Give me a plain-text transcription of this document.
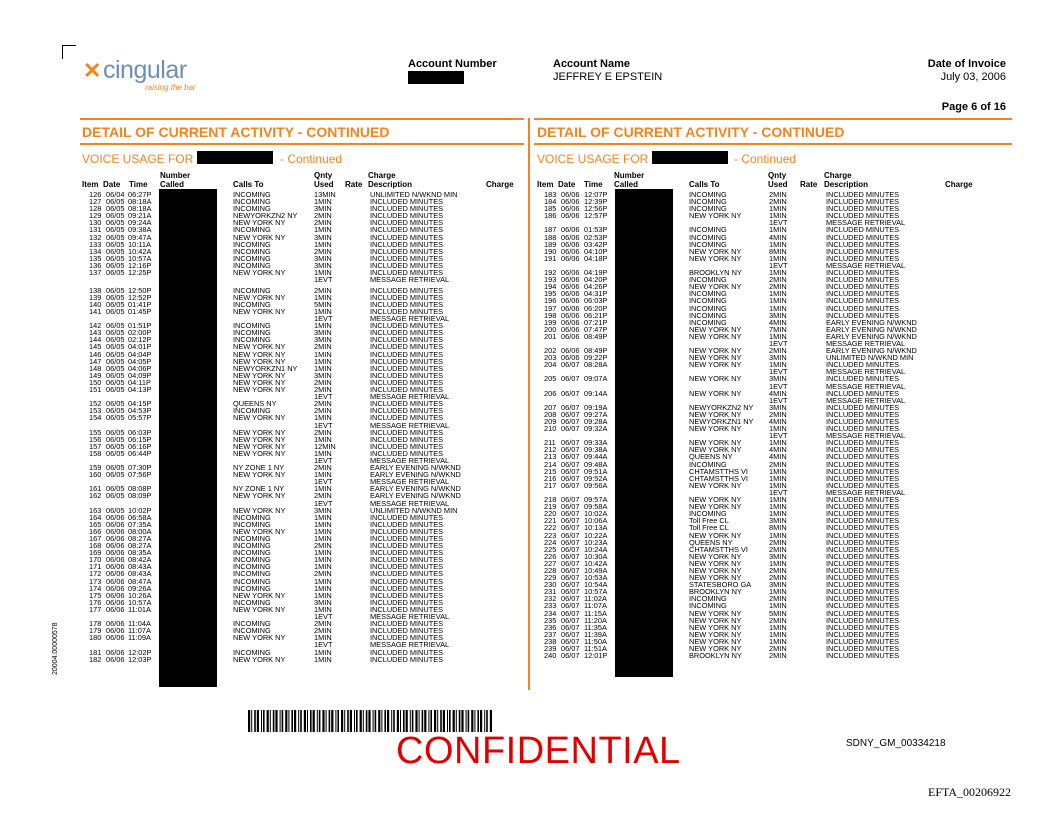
✕ cingular
raising the bar
Account Number	Account Name
JEFFREY E EPSTEIN
Date of Invoice
July 03, 2006
Page 6 of 16
DETAIL OF CURRENT ACTIVITY - CONTINUED
VOICE USAGE FOR	- Continued
Number
Item Date Time Called	Calls To
Qnty
Used Rate
Charge
Description	Charge
126 06/04 06:27P	INCOMING	13MIN	UNLIMITED N/WKND MIN
127 06/05 08:18A	INCOMING	1MIN	INCLUDED MINUTES
128 06/05 08:18A	INCOMING	3MIN	INCLUDED MINUTES
129 06/05 09:21A	NEWYORKZN2 NY 2MIN	INCLUDED MINUTES
130 06/05 09:24A	NEW YORK NY	2MIN	INCLUDED MINUTES
131 06/05 09:38A	INCOMING	1MIN	INCLUDED MINUTES
132 06/05 09:47A	NEW YORK NY	3MIN	INCLUDED MINUTES
133 06/05 10:11A	INCOMING	1MIN	INCLUDED MINUTES
134 06/05 10:42A	INCOMING	2MIN	INCLUDED MINUTES
135 06/05 10:57A	INCOMING	3MIN	INCLUDED MINUTES
136 06/05 12:16P	INCOMING	3MIN	INCLUDED MINUTES
137 06/05 12:25P	NEW YORK NY	1MIN	INCLUDED MINUTES
1EVT	MESSAGE RETRIEVAL
138 06/05 12:50P	INCOMING	2MIN	INCLUDED MINUTES
139 06/05 12:52P	NEW YORK NY	1MIN	INCLUDED MINUTES
140 06/05 01:41P	INCOMING	5MIN	INCLUDED MINUTES
141 06/05 01:45P	NEW YORK NY	1MIN	INCLUDED MINUTES
1EVT	MESSAGE RETRIEVAL
142 06/05 01:51P	INCOMING	1MIN	INCLUDED MINUTES
143 06/05 02:00P	INCOMING	3MIN	INCLUDED MINUTES
144 06/05 02:12P	INCOMING	3MIN	INCLUDED MINUTES
145 06/05 04:01P	NEW YORK NY	2MIN	INCLUDED MINUTES
146 06/05 04:04P	NEW YORK NY	1MIN	INCLUDED MINUTES
147 06/05 04:05P	NEW YORK NY	1MIN	INCLUDED MINUTES
148 06/05 04:06P	NEWYORKZN1 NY 1MIN	INCLUDED MINUTES
149 06/05 04:09P	NEW YORK NY	3MIN	INCLUDED MINUTES
150 06/05 04:11P	NEW YORK NY	2MIN	INCLUDED MINUTES
151 06/05 04:13P	NEW YORK NY	2MIN	INCLUDED MINUTES
1EVT	MESSAGE RETRIEVAL
152 06/05 04:15P	QUEENS NY	2MIN	INCLUDED MINUTES
153 06/05 04:53P	INCOMING	2MIN	INCLUDED MINUTES
154 06/05 05:57P	NEW YORK NY	1MIN	INCLUDED MINUTES
1EVT	MESSAGE RETRIEVAL
155 06/05 06:03P	NEW YORK NY	2MIN	INCLUDED MINUTES
156 06/05 06:15P	NEW YORK NY	1MIN	INCLUDED MINUTES
157 06/05 06:16P	NEW YORK NY	12MIN	INCLUDED MINUTES
158 06/05 06:44P	NEW YORK NY	1MIN	INCLUDED MINUTES
1EVT	MESSAGE RETRIEVAL
159 06/05 07:30P	NY ZONE 1 NY	2MIN	EARLY EVENING N/WKND
160 06/05 07:56P	NEW YORK NY	1MIN	EARLY EVENING N/WKND
1EVT	MESSAGE RETRIEVAL
161 06/05 08:08P	NY ZONE 1 NY	1MIN	EARLY EVENING N/WKND
162 06/05 08:09P	NEW YORK NY	2MIN	EARLY EVENING N/WKND
1EVT	MESSAGE RETRIEVAL
163 06/05 10:02P	NEW YORK NY	3MIN	UNLIMITED N/WKND MIN
164 06/06 06:58A	INCOMING	1MIN	INCLUDED MINUTES
165 06/06 07:35A	INCOMING	1MIN	INCLUDED MINUTES
166 06/06 08:00A	NEW YORK NY	1MIN	INCLUDED MINUTES
167 06/06 08:27A	INCOMING	1MIN	INCLUDED MINUTES
168 06/06 08:27A	INCOMING	2MIN	INCLUDED MINUTES
169 06/06 08:35A	INCOMING	1MIN	INCLUDED MINUTES
170 06/06 08:42A	INCOMING	1MIN	INCLUDED MINUTES
171 06/06 08:43A	INCOMING	1MIN	INCLUDED MINUTES
172 06/06 08:43A	INCOMING	2MIN	INCLUDED MINUTES
173 06/06 08:47A	INCOMING	1MIN	INCLUDED MINUTES
174 06/06 09:26A	INCOMING	1MIN	INCLUDED MINUTES
175 06/06 10:26A	NEW YORK NY	1MIN	INCLUDED MINUTES
176 06/06 10:57A	INCOMING	3MIN	INCLUDED MINUTES
177 06/06 11:01A	NEW YORK NY	1MIN	INCLUDED MINUTES
1EVT	MESSAGE RETRIEVAL
178 06/06 11:04A	INCOMING	2MIN	INCLUDED MINUTES
179 06/06 11:07A	INCOMING	2MIN	INCLUDED MINUTES
180 06/06 11:09A	NEW YORK NY	1MIN	INCLUDED MINUTES
1EVT	MESSAGE RETRIEVAL
181 06/06 12:02P	INCOMING	1MIN	INCLUDED MINUTES
182 06/06 12:03P	NEW YORK NY	1MIN	INCLUDED MINUTES
DETAIL OF CURRENT ACTIVITY - CONTINUED
VOICE USAGE FOR	- Continued
Number
Item Date Time Called	Calls To
Qnty
Used Rate
Charge
Description	Charge
183 06/06 12:07P	INCOMING	2MIN	INCLUDED MINUTES
184 06/06 12:39P	INCOMING	2MIN	INCLUDED MINUTES
185 06/06 12:56P	INCOMING	1MIN	INCLUDED MINUTES
186 06/06 12:57P	NEW YORK NY	1MIN	INCLUDED MINUTES
1EVT	MESSAGE RETRIEVAL
187 06/06 01:53P	INCOMING	1MIN	INCLUDED MINUTES
188 06/06 02:53P	INCOMING	4MIN	INCLUDED MINUTES
189 06/06 03:42P	INCOMING	1MIN	INCLUDED MINUTES
190 06/06 04:10P	NEW YORK NY	8MIN	INCLUDED MINUTES
191 06/06 04:18P	NEW YORK NY	1MIN	INCLUDED MINUTES
1EVT	MESSAGE RETRIEVAL
192 06/06 04:19P	BROOKLYN NY	1MIN	INCLUDED MINUTES
193 06/06 04:20P	INCOMING	2MIN	INCLUDED MINUTES
194 06/06 04:26P	NEW YORK NY	2MIN	INCLUDED MINUTES
195 06/06 04:31P	INCOMING	1MIN	INCLUDED MINUTES
196 06/06 06:03P	INCOMING	1MIN	INCLUDED MINUTES
197 06/06 06:20P	INCOMING	1MIN	INCLUDED MINUTES
198 06/06 06:21P	INCOMING	3MIN	INCLUDED MINUTES
199 06/06 07:21P	INCOMING	4MIN	EARLY EVENING N/WKND
200 06/06 07:47P	NEW YORK NY	7MIN	EARLY EVENING N/WKND
201 06/06 08:49P	NEW YORK NY	1MIN	EARLY EVENING N/WKND
1EVT	MESSAGE RETRIEVAL
202 06/06 08:49P	NEW YORK NY	2MIN	EARLY EVENING N/WKND
203 06/06 09:22P	NEW YORK NY	3MIN	UNLIMITED N/WKND MIN
204 06/07 08:28A	NEW YORK NY	1MIN	INCLUDED MINUTES
1EVT	MESSAGE RETRIEVAL
205 06/07 09:07A	NEW YORK NY	3MIN	INCLUDED MINUTES
1EVT	MESSAGE RETRIEVAL
206 06/07 09:14A	NEW YORK NY	4MIN	INCLUDED MINUTES
1EVT	MESSAGE RETRIEVAL
207 06/07 09:19A	NEWYORKZN2 NY 3MIN	INCLUDED MINUTES
208 06/07 09:27A	NEW YORK NY	2MIN	INCLUDED MINUTES
209 06/07 09:28A	NEWYORKZN1 NY 4MIN	INCLUDED MINUTES
210 06/07 09:32A	NEW YORK NY	1MIN	INCLUDED MINUTES
1EVT	MESSAGE RETRIEVAL
211 06/07 09:33A	NEW YORK NY	1MIN	INCLUDED MINUTES
212 06/07 09:38A	NEW YORK NY	4MIN	INCLUDED MINUTES
213 06/07 09:44A	QUEENS NY	4MIN	INCLUDED MINUTES
214 06/07 09:48A	INCOMING	2MIN	INCLUDED MINUTES
215 06/07 09:51A	CHTAMSTTHS VI	1MIN	INCLUDED MINUTES
216 06/07 09:52A	CHTAMSTTHS VI	1MIN	INCLUDED MINUTES
217 06/07 09:56A	NEW YORK NY	1MIN	INCLUDED MINUTES
1EVT	MESSAGE RETRIEVAL
218 06/07 09:57A	NEW YORK NY	1MIN	INCLUDED MINUTES
219 06/07 09:58A	NEW YORK NY	1MIN	INCLUDED MINUTES
220 06/07 10:02A	INCOMING	1MIN	INCLUDED MINUTES
221 06/07 10:06A	Toll Free CL	3MIN	INCLUDED MINUTES
222 06/07 10:13A	Toll Free CL	8MIN	INCLUDED MINUTES
223 06/07 10:22A	NEW YORK NY	1MIN	INCLUDED MINUTES
224 06/07 10:23A	QUEENS NY	2MIN	INCLUDED MINUTES
225 06/07 10:24A	CHTAMSTTHS VI	2MIN	INCLUDED MINUTES
226 06/07 10:30A	NEW YORK NY	3MIN	INCLUDED MINUTES
227 06/07 10:42A	NEW YORK NY	1MIN	INCLUDED MINUTES
228 06/07 10:49A	NEW YORK NY	2MIN	INCLUDED MINUTES
229 06/07 10:53A	NEW YORK NY	2MIN	INCLUDED MINUTES
230 06/07 10:54A	STATESBORO GA 3MIN	INCLUDED MINUTES
231 06/07 10:57A	BROOKLYN NY	1MIN	INCLUDED MINUTES
232 06/07 11:02A	INCOMING	2MIN	INCLUDED MINUTES
233 06/07 11:07A	INCOMING	1MIN	INCLUDED MINUTES
234 06/07 11:15A	NEW YORK NY	5MIN	INCLUDED MINUTES
235 06/07 11:20A	NEW YORK NY	2MIN	INCLUDED MINUTES
236 06/07 11:35A	NEW YORK NY	1MIN	INCLUDED MINUTES
237 06/07 11:39A	NEW YORK NY	1MIN	INCLUDED MINUTES
238 06/07 11:50A	NEW YORK NY	1MIN	INCLUDED MINUTES
239 06/07 11:51A	NEW YORK NY	2MIN	INCLUDED MINUTES
240 06/07 12:01P	BROOKLYN NY	2MIN	INCLUDED MINUTES
CONFIDENTIAL	SDNY_GM_00334218
EFTA_00206922
20004.00000578
